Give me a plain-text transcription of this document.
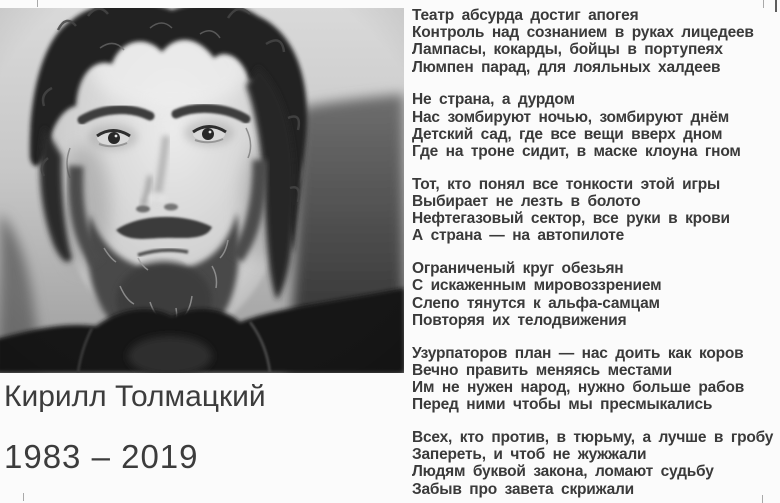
Кирилл Толмацкий
1983 – 2019
Театр абсурда достиг апогея
Контроль над сознанием в руках лицедеев
Лампасы, кокарды, бойцы в портупеях
Люмпен парад, для лояльных халдеев
Не страна, а дурдом
Нас зомбируют ночью, зомбируют днём
Детский сад, где все вещи вверх дном
Где на троне сидит, в маске клоуна гном
Тот, кто понял все тонкости этой игры
Выбирает не лезть в болото
Нефтегазовый сектор, все руки в крови
А страна — на автопилоте
Ограниченый круг обезьян
С искаженным мировоззрением
Слепо тянутся к альфа-самцам
Повторяя их телодвижения
Узурпаторов план — нас доить как коров
Вечно править меняясь местами
Им не нужен народ, нужно больше рабов
Перед ними чтобы мы пресмыкались
Всех, кто против, в тюрьму, а лучше в гробу
Запереть, и чтоб не жужжали
Людям буквой закона, ломают судьбу
Забыв про завета скрижали
